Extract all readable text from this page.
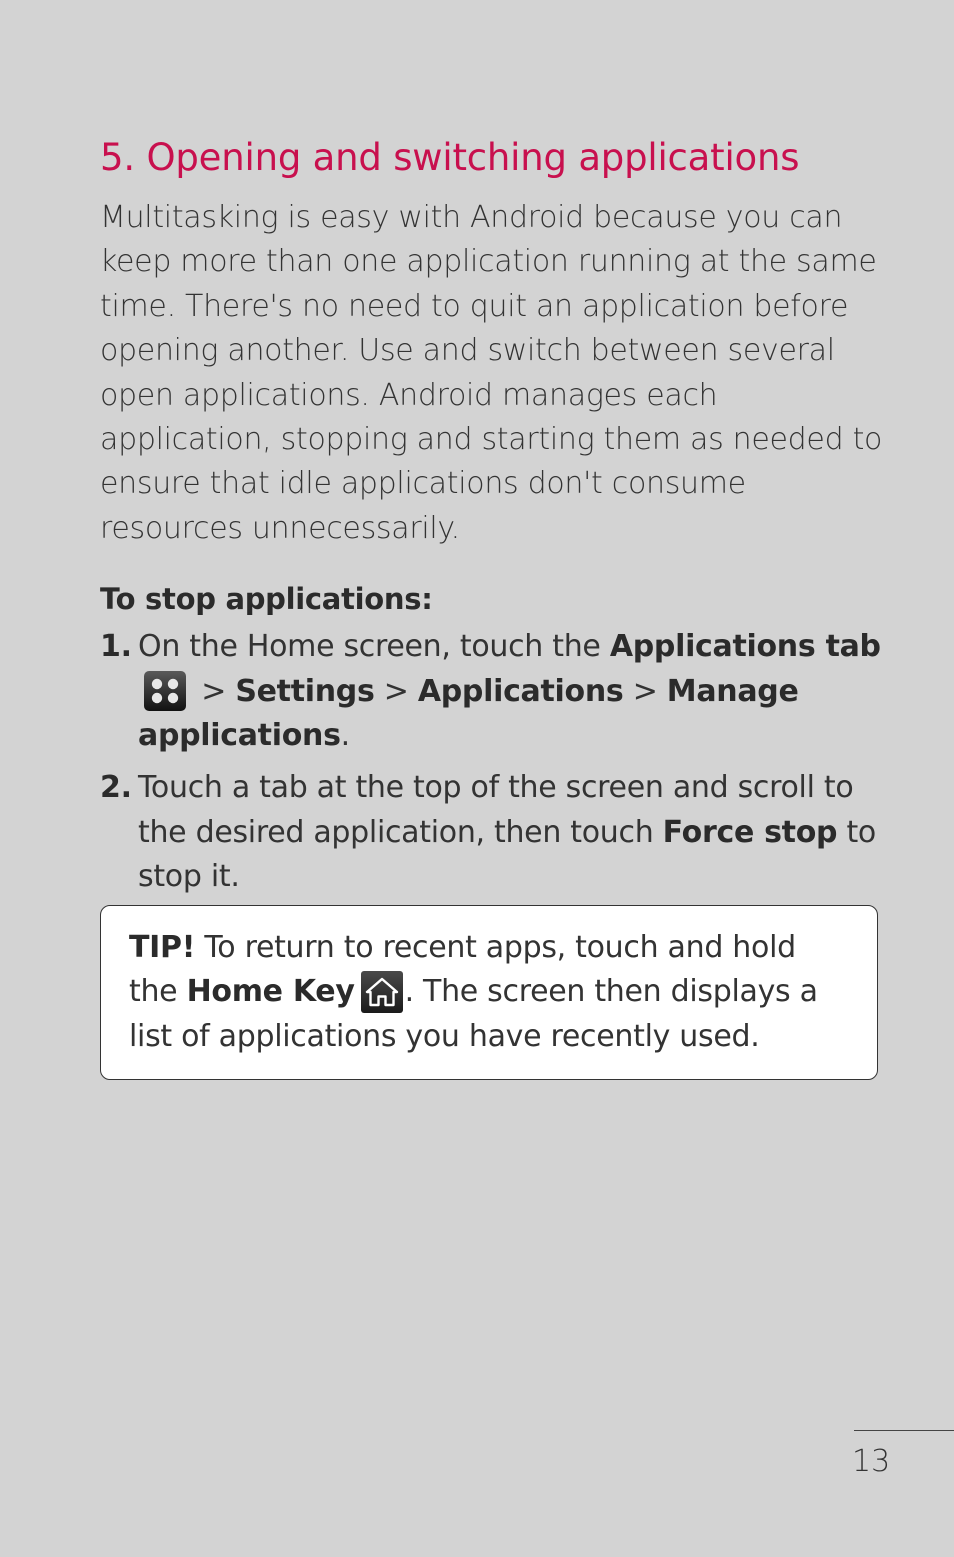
5. Opening and switching applications

Multitasking is easy with Android because you can keep more than one application running at the same time. There's no need to quit an application before opening another. Use and switch between several open applications. Android manages each application, stopping and starting them as needed to ensure that idle applications don't consume resources unnecessarily.

To stop applications:
1. On the Home screen, touch the Applications tab > Settings > Applications > Manage applications.
2. Touch a tab at the top of the screen and scroll to the desired application, then touch Force stop to stop it.
TIP! To return to recent apps, touch and hold the Home Key . The screen then displays a list of applications you have recently used.
13
